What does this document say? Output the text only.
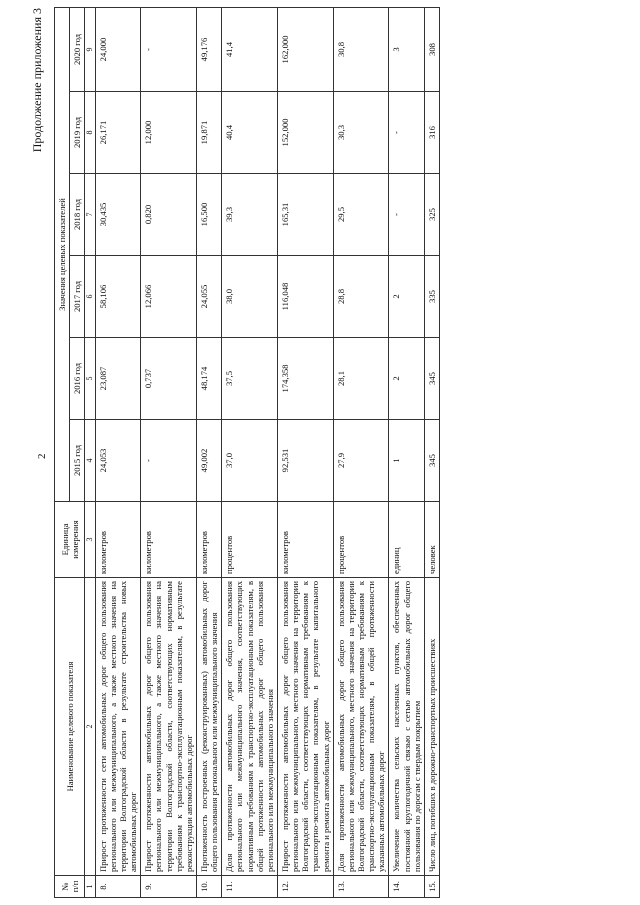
2
Продолжение приложения 3
№
п/п	Наименование целевого показателя	Единица измерения	Значения целевых показателей					
			2015 год	2016 год	2017 год	2018 год	2019 год	2020 год
1	2	3	4	5	6	7	8	9
8.	Прирост протяженности сети автомобильных дорог общего пользования регионального или межмуниципального, а также местного значения на территории Волгоградской области в результате строительства новых автомобильных дорог	километров	24,053	23,087	58,106	30,435	26,171	24,000
9.	Прирост протяженности автомобильных дорог общего пользования регионального или межмуниципального, а также местного значения на территории Волгоградской области, соответствующих нормативным требованиям к транспортно-эксплуатационным показателям, в результате реконструкции автомобильных дорог	километров	-	0,737	12,066	0,820	12,000	-
10.	Протяженность построенных (реконструированных) автомобильных дорог общего пользования регионального или межмуниципального значения	километров	49,002	48,174	24,055	16,500	19,871	49,176
11.	Доля протяженности автомобильных дорог общего пользования регионального или межмуниципального значения, соответствующих нормативным требованиям к транспортно-эксплуатационным показателям, в общей протяженности автомобильных дорог общего пользования регионального или межмуниципального значения	процентов	37,0	37,5	38,0	39,3	40,4	41,4
12.	Прирост протяженности автомобильных дорог общего пользования регионального или межмуниципального, местного значения на территории Волгоградской области, соответствующих нормативным требованиям к транспортно-эксплуатационным показателям, в результате капитального ремонта и ремонта автомобильных дорог	километров	92,531	174,358	116,048	165,31	152,000	162,000
13.	Доля протяженности автомобильных дорог общего пользования регионального или межмуниципального, местного значения на территории Волгоградской области, соответствующих нормативным требованиям к транспортно-эксплуатационным показателям, в общей протяженности указанных автомобильных дорог	процентов	27,9	28,1	28,8	29,5	30,3	30,8
14.	Увеличение количества сельских населенных пунктов, обеспеченных постоянной круглогодичной связью с сетью автомобильных дорог общего пользования по дорогам с твердым покрытием	единиц	1	2	2	-	-	3
15.	Число лиц, погибших в дорожно-транспортных происшествиях	человек	345	345	335	325	316	308
